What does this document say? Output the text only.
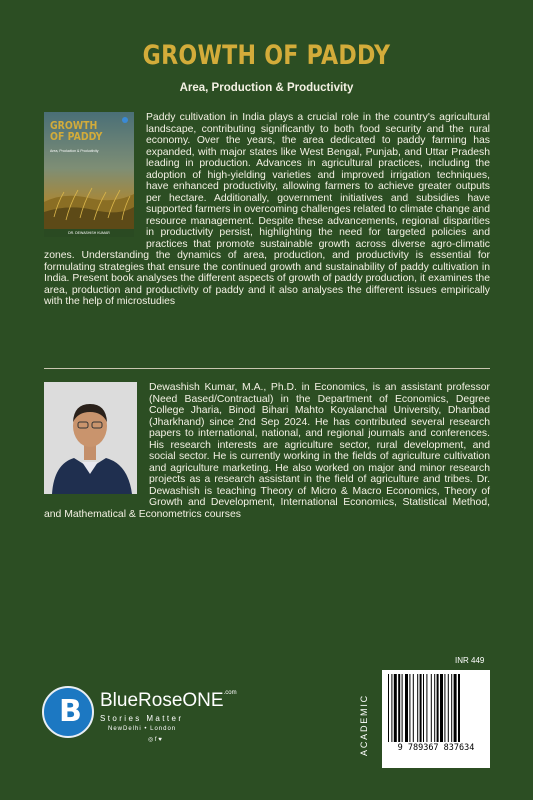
GROWTH OF PADDY
Area, Production & Productivity
GROWTH
OF PADDY
Area, Production & Productivity
DR. DEWASHISH KUMAR
Paddy cultivation in India plays a crucial role in the country's agricultural landscape, contributing significantly to both food security and the rural economy. Over the years, the area dedicated to paddy farming has expanded, with major states like West Bengal, Punjab, and Uttar Pradesh leading in production. Advances in agricultural practices, including the adoption of high-yielding varieties and improved irrigation techniques, have enhanced productivity, allowing farmers to achieve greater outputs per hectare. Additionally, government initiatives and subsidies have supported farmers in overcoming challenges related to climate change and resource management. Despite these advancements, regional disparities in productivity persist, highlighting the need for targeted policies and practices that promote sustainable growth across diverse agro-climatic zones. Understanding the dynamics of area, production, and productivity is essential for formulating strategies that ensure the continued growth and sustainability of paddy cultivation in India. Present book analyses the different aspects of growth of paddy production, it examines the area, production and productivity of paddy and it also analyses the different issues empirically with the help of microstudies
Dewashish Kumar, M.A., Ph.D. in Economics, is an assistant professor (Need Based/Contractual) in the Department of Economics, Degree College Jharia, Binod Bihari Mahto Koyalanchal University, Dhanbad (Jharkhand) since 2nd Sep 2024. He has contributed several research papers to international, national, and regional journals and conferences. His research interests are agriculture sector, rural development, and social sector. He is currently working in the fields of agriculture cultivation and agriculture marketing. He also worked on major and minor research projects as a research assistant in the field of agriculture and tribes. Dr. Dewashish is teaching Theory of Micro & Macro Economics, Theory of Growth and Development, International Economics, Statistical Method, and Mathematical & Econometrics courses
B BlueRoseONE$^{.com}$
Stories Matter
NewDelhi • London
◎ f ♥
INR 449
ACADEMIC	9 789367 837634
www.BlueRoseOne.com
